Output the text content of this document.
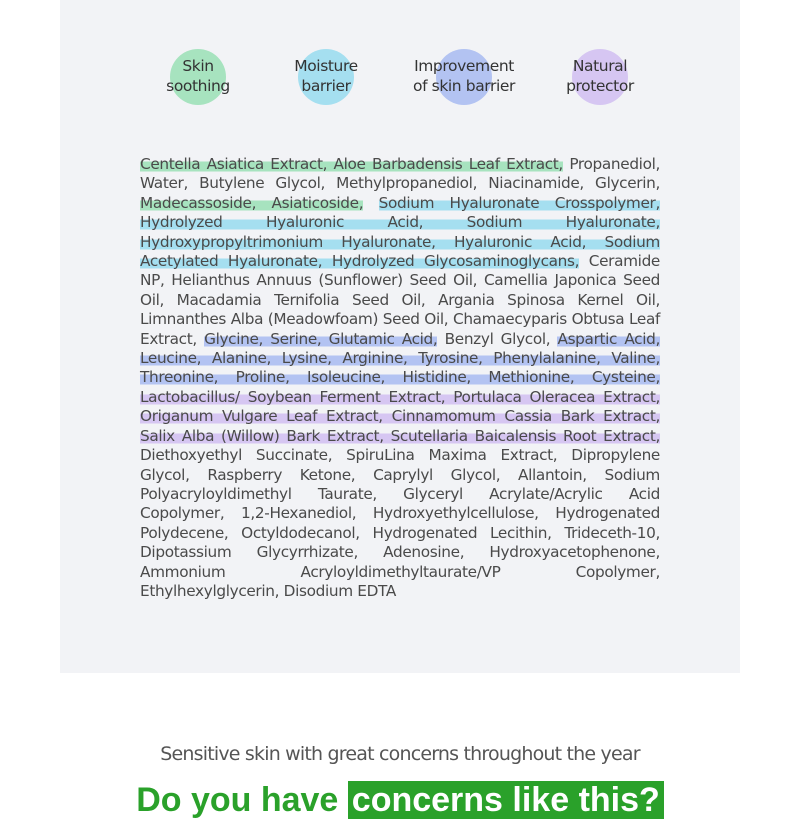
Skin
soothing
Moisture
barrier
Improvement
of skin barrier
Natural
protector
Centella Asiatica Extract, Aloe Barbadensis Leaf Extract, Propanediol, Water, Butylene Glycol, Methylpropanediol, Niacinamide, Glycerin, Madecassoside, Asiaticoside, Sodium Hyaluronate Crosspolymer, Hydrolyzed Hyaluronic Acid, Sodium Hyaluronate, Hydroxypropyltrimonium Hyaluronate, Hyaluronic Acid, Sodium Acetylated Hyaluronate, Hydrolyzed Glycosaminoglycans, Ceramide NP, Helianthus Annuus (Sunflower) Seed Oil, Camellia Japonica Seed Oil, Macadamia Ternifolia Seed Oil, Argania Spinosa Kernel Oil, Limnanthes Alba (Meadowfoam) Seed Oil, Chamaecyparis Obtusa Leaf Extract, Glycine, Serine, Glutamic Acid, Benzyl Glycol, Aspartic Acid, Leucine, Alanine, Lysine, Arginine, Tyrosine, Phenylalanine, Valine, Threonine, Proline, Isoleucine, Histidine, Methionine, Cysteine, Lactobacillus/ Soybean Ferment Extract, Portulaca Oleracea Extract, Origanum Vulgare Leaf Extract, Cinnamomum Cassia Bark Extract, Salix Alba (Willow) Bark Extract, Scutellaria Baicalensis Root Extract, Diethoxyethyl Succinate, SpiruLina Maxima Extract, Dipropylene Glycol, Raspberry Ketone, Caprylyl Glycol, Allantoin, Sodium Polyacryloyldimethyl Taurate, Glyceryl Acrylate/Acrylic Acid Copolymer, 1,2-Hexanediol, Hydroxyethylcellulose, Hydrogenated Polydecene, Octyldodecanol, Hydrogenated Lecithin, Trideceth-10, Dipotassium Glycyrrhizate, Adenosine, Hydroxyacetophenone, Ammonium Acryloyldimethyltaurate/VP Copolymer, Ethylhexylglycerin, Disodium EDTA
Sensitive skin with great concerns throughout the year
Do you have concerns like this?
